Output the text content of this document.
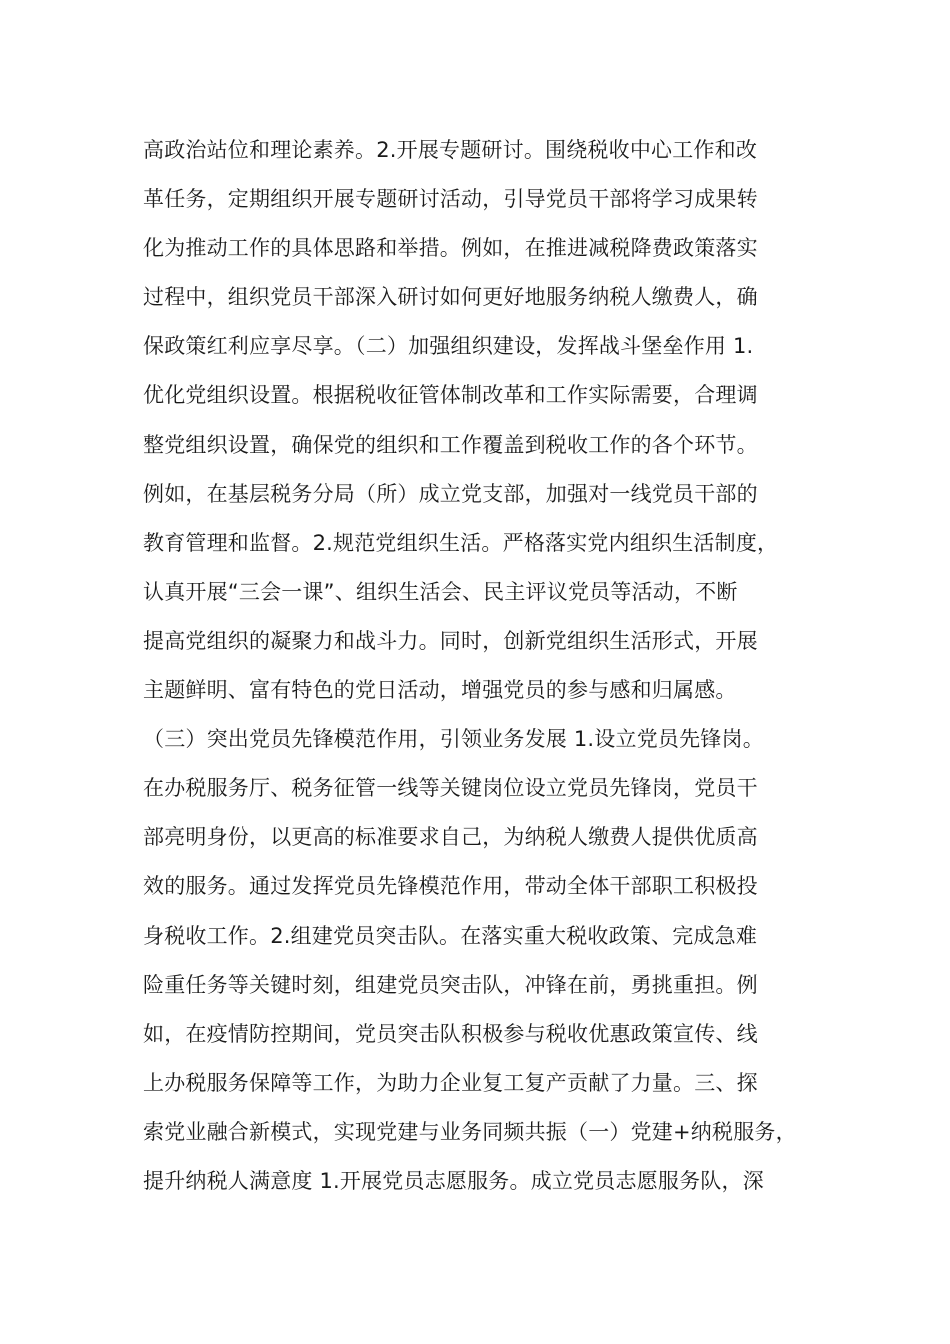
高政治站位和理论素养。2.开展专题研讨。围绕税收中心工作和改
革任务，定期组织开展专题研讨活动，引导党员干部将学习成果转
化为推动工作的具体思路和举措。例如，在推进减税降费政策落实
过程中，组织党员干部深入研讨如何更好地服务纳税人缴费人，确
保政策红利应享尽享。（二）加强组织建设，发挥战斗堡垒作用 1.
优化党组织设置。根据税收征管体制改革和工作实际需要，合理调
整党组织设置，确保党的组织和工作覆盖到税收工作的各个环节。
例如，在基层税务分局（所）成立党支部，加强对一线党员干部的
教育管理和监督。2.规范党组织生活。严格落实党内组织生活制度，
认真开展“三会一课”、组织生活会、民主评议党员等活动，不断
提高党组织的凝聚力和战斗力。同时，创新党组织生活形式，开展
主题鲜明、富有特色的党日活动，增强党员的参与感和归属感。
（三）突出党员先锋模范作用，引领业务发展 1.设立党员先锋岗。
在办税服务厅、税务征管一线等关键岗位设立党员先锋岗，党员干
部亮明身份，以更高的标准要求自己，为纳税人缴费人提供优质高
效的服务。通过发挥党员先锋模范作用，带动全体干部职工积极投
身税收工作。2.组建党员突击队。在落实重大税收政策、完成急难
险重任务等关键时刻，组建党员突击队，冲锋在前，勇挑重担。例
如，在疫情防控期间，党员突击队积极参与税收优惠政策宣传、线
上办税服务保障等工作，为助力企业复工复产贡献了力量。三、探
索党业融合新模式，实现党建与业务同频共振（一）党建+纳税服务，
提升纳税人满意度 1.开展党员志愿服务。成立党员志愿服务队，深
